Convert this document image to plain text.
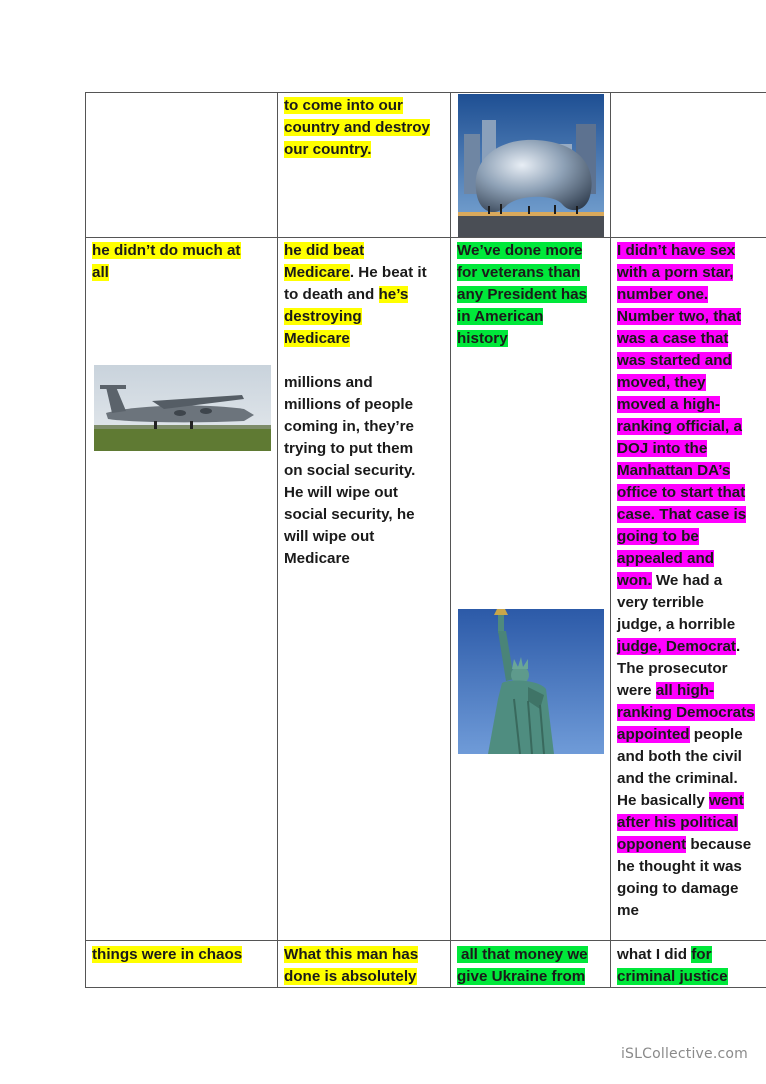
to come into our
country and destroy
our country.
he didn’t do much at
all
he did beat
Medicare. He beat it
to death and he’s
destroying
Medicare
millions and
millions of people
coming in, they’re
trying to put them
on social security.
He will wipe out
social security, he
will wipe out
Medicare
We’ve done more
for veterans than
any President has
in American
history
I didn’t have sex
with a porn star,
number one.
Number two, that
was a case that
was started and
moved, they
moved a high-
ranking official, a
DOJ into the
Manhattan DA’s
office to start that
case. That case is
going to be
appealed and
won. We had a
very terrible
judge, a horrible
judge, Democrat.
The prosecutor
were all high-
ranking Democrats
appointed people
and both the civil
and the criminal.
He basically went
after his political
opponent because
he thought it was
going to damage
me
things were in chaos	What this man has
done is absolutely
all that money we
give Ukraine from
what I did for
criminal justice
iSLCollective.com
